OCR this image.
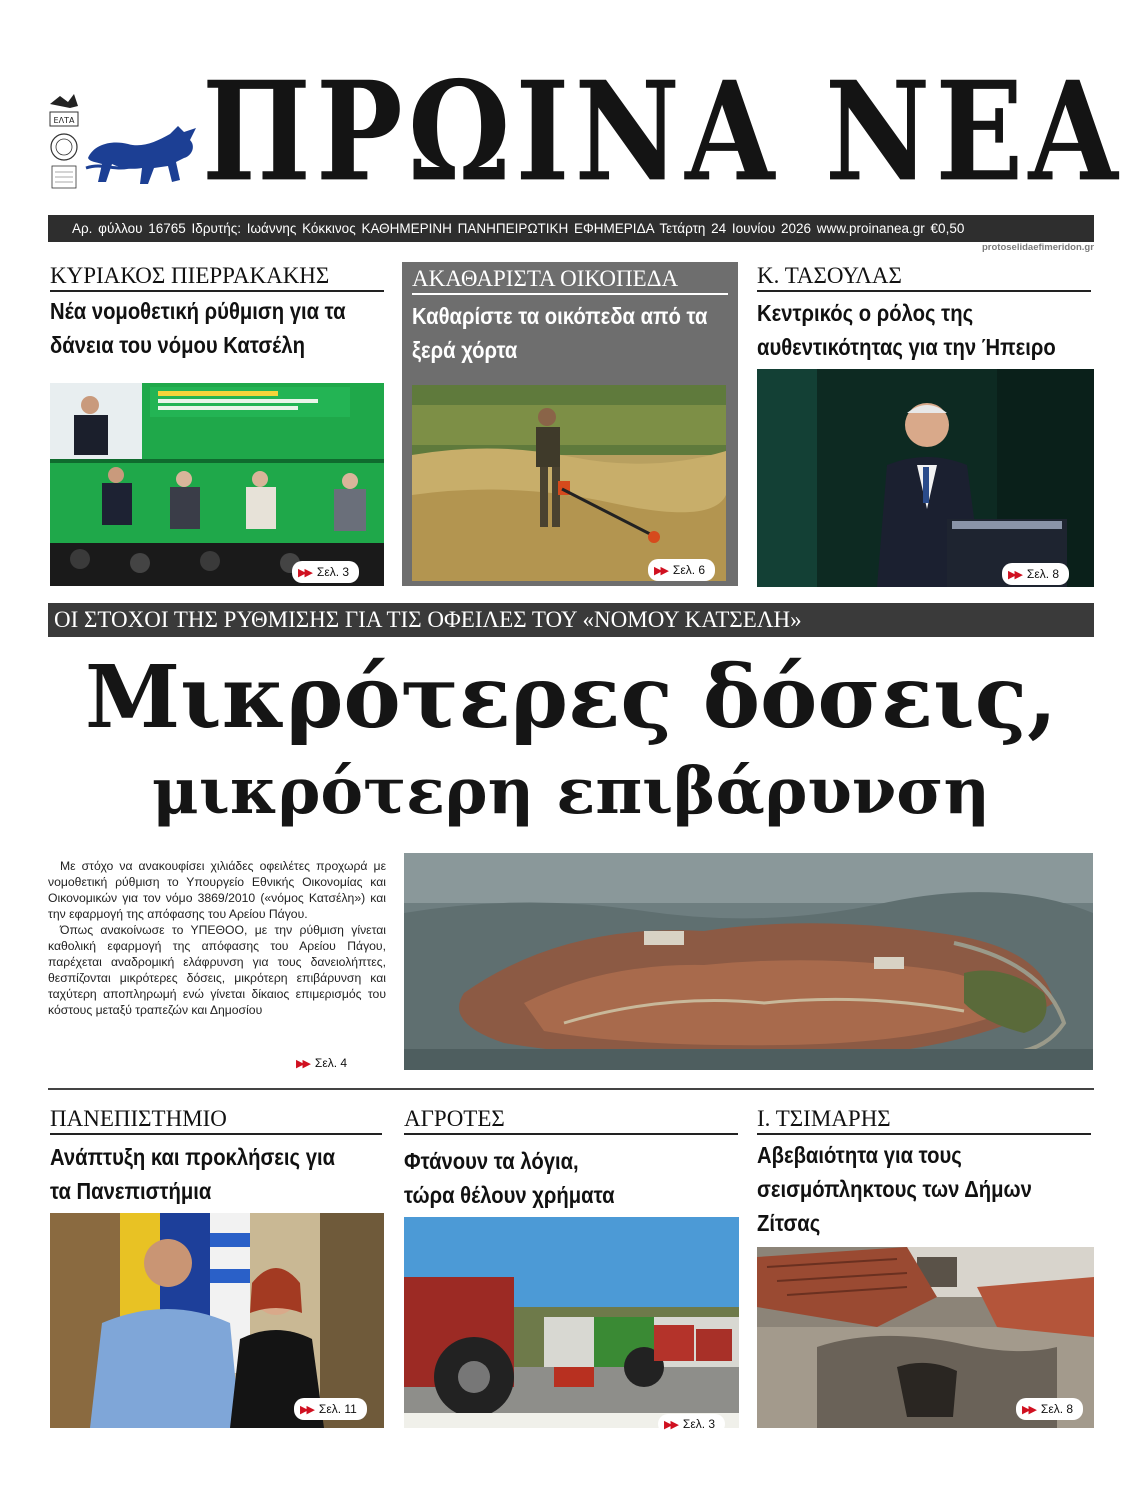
ΕΛΤΑ ΠΡΩΙΝΑ ΝΕΑ
Αρ. φύλλου 16765 Ιδρυτής: Ιωάννης Κόκκινος ΚΑΘΗΜΕΡΙΝΗ ΠΑΝΗΠΕΙΡΩΤΙΚΗ ΕΦΗΜΕΡΙΔΑ Τετάρτη 24 Ιουνίου 2026 www.proinanea.gr €0,50
protoselidaefimeridon.gr
ΚΥΡΙΑΚΟΣ ΠΙΕΡΡΑΚΑΚΗΣ
Νέα νομοθετική ρύθμιση για τα
δάνεια του νόμου Κατσέλη
▶▶ Σελ. 3
ΑΚΑΘΑΡΙΣΤΑ ΟΙΚΟΠΕΔΑ
Καθαρίστε τα οικόπεδα από τα
ξερά χόρτα
▶▶ Σελ. 6
Κ. ΤΑΣΟΥΛΑΣ
Κεντρικός ο ρόλος της
αυθεντικότητας για την Ήπειρο
▶▶ Σελ. 8
ΟΙ ΣΤΟΧΟΙ ΤΗΣ ΡΥΘΜΙΣΗΣ ΓΙΑ ΤΙΣ ΟΦΕΙΛΕΣ ΤΟΥ «ΝΟΜΟΥ ΚΑΤΣΕΛΗ»
Μικρότερες δόσεις,
μικρότερη επιβάρυνση

Με στόχο να ανακουφίσει χιλιάδες οφειλέτες προχωρά με νομοθετική ρύθμιση το Υπουργείο Εθνικής Οικονομίας και Οικονομικών για τον νόμο 3869/2010 («νόμος Κατσέλη») και την εφαρμογή της απόφασης του Αρείου Πάγου.

Όπως ανακοίνωσε το ΥΠΕΘΟΟ, με την ρύθμιση γίνεται καθολική εφαρμογή της απόφασης του Αρείου Πάγου, παρέχεται αναδρομική ελάφρυνση για τους δανειολήπτες, θεσπίζονται μικρότερες δόσεις, μικρότερη επιβάρυνση και ταχύτερη αποπληρωμή ενώ γίνεται δίκαιος επιμερισμός του κόστους μεταξύ τραπεζών και Δημοσίου

▶▶ Σελ. 4
ΠΑΝΕΠΙΣΤΗΜΙΟ
Ανάπτυξη και προκλήσεις για
τα Πανεπιστήμια
▶▶ Σελ. 11
ΑΓΡΟΤΕΣ
Φτάνουν τα λόγια,
τώρα θέλουν χρήματα
▶▶ Σελ. 3
Ι. ΤΣΙΜΑΡΗΣ
Αβεβαιότητα για τους
σεισμόπληκτους των Δήμων Ζίτσας
▶▶ Σελ. 8
